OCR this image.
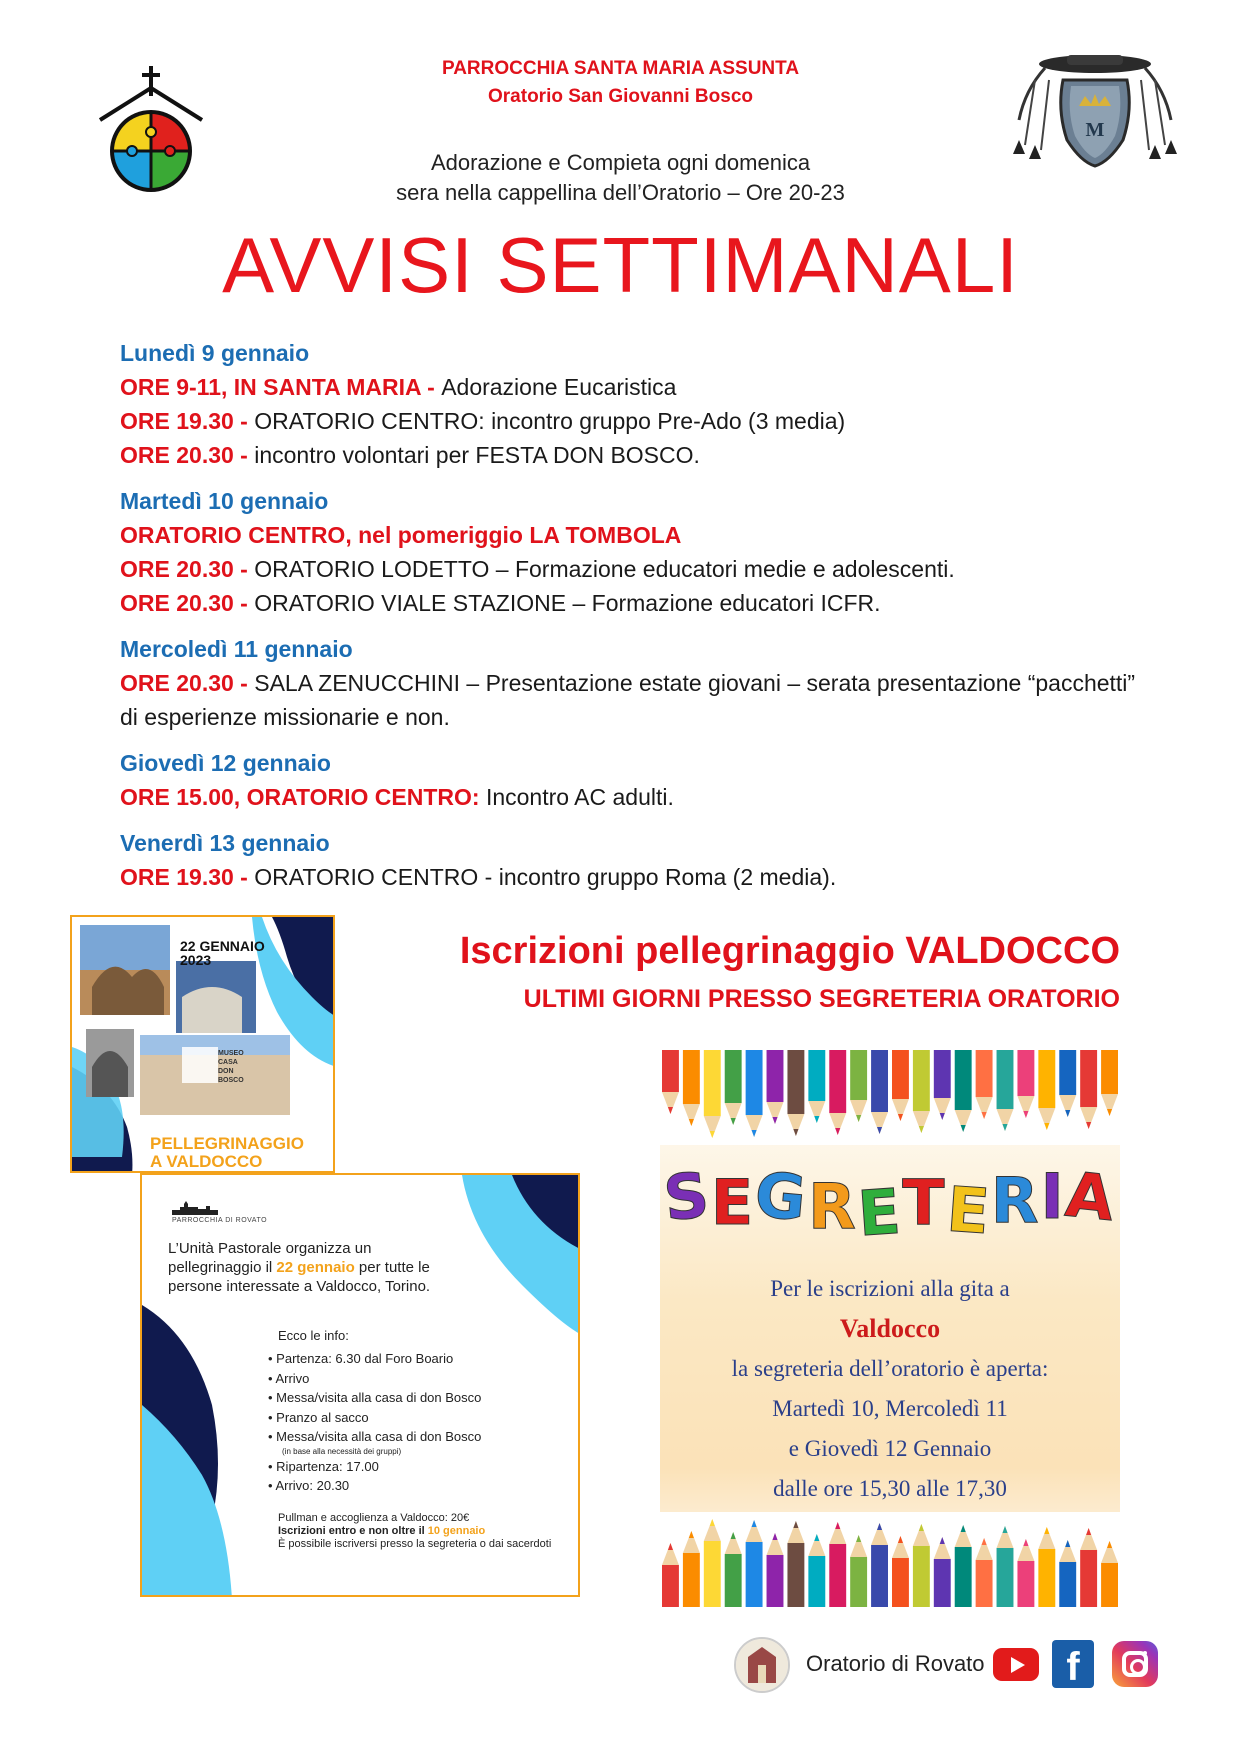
M
PARROCCHIA SANTA MARIA ASSUNTA
Oratorio San Giovanni Bosco
Adorazione e Compieta ogni domenica
sera nella cappellina dell’Oratorio – Ore 20-23
AVVISI SETTIMANALI
Lunedì 9 gennaio
ORE 9-11, IN SANTA MARIA - Adorazione Eucaristica
ORE 19.30 - ORATORIO CENTRO: incontro gruppo Pre-Ado (3 media)
ORE 20.30 - incontro volontari per FESTA DON BOSCO.
Martedì 10 gennaio
ORATORIO CENTRO, nel pomeriggio LA TOMBOLA
ORE 20.30 - ORATORIO LODETTO – Formazione educatori medie e adolescenti.
ORE 20.30 - ORATORIO VIALE STAZIONE – Formazione educatori ICFR.
Mercoledì 11 gennaio
ORE 20.30 - SALA ZENUCCHINI – Presentazione estate giovani – serata presentazione “pacchetti” di esperienze missionarie e non.
Giovedì 12 gennaio
ORE 15.00, ORATORIO CENTRO: Incontro AC adulti.
Venerdì 13 gennaio
ORE 19.30 - ORATORIO CENTRO - incontro gruppo Roma (2 media).
Iscrizioni pellegrinaggio VALDOCCO
ULTIMI GIORNI PRESSO SEGRETERIA ORATORIO
22 GENNAIO
2023
MUSEO
CASA
DON
BOSCO
PELLEGRINAGGIO
A VALDOCCO
PARROCCHIA DI ROVATO
L’Unità Pastorale organizza un pellegrinaggio il 22 gennaio per tutte le persone interessate a Valdocco, Torino.
Ecco le info:
• Partenza: 6.30 dal Foro Boario
• Arrivo
• Messa/visita alla casa di don Bosco
• Pranzo al sacco
• Messa/visita alla casa di don Bosco
(in base alla necessità dei gruppi)
• Ripartenza: 17.00
• Arrivo: 20.30
Pullman e accoglienza a Valdocco: 20€
Iscrizioni entro e non oltre il 10 gennaio
È possibile iscriversi presso la segreteria o dai sacerdoti
SEGRETERIA
Per le iscrizioni alla gita a
Valdocco
la segreteria dell’oratorio è aperta:
Martedì 10, Mercoledì 11
e Giovedì 12 Gennaio
dalle ore 15,30 alle 17,30
Oratorio di Rovato	f
